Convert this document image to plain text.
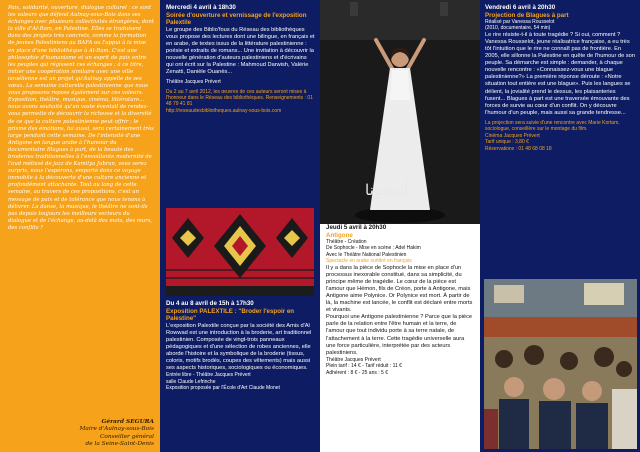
Paix, solidarité, ouverture, dialogue culturel : ce sont les valeurs que défend Aulnay-sous-Bois dans ses échanges avec plusieurs collectivités étrangères, dont la ville d'Al-Ram, en Palestine. Elles se traduisent dans des projets très concrets, comme la formation de jeunes Palestiniens au BAFA ou l'appui à la mise en place d'une bibliothèque à Al-Ram. C'est une philosophie d'humanisme et un esprit de paix entre les peuples qui régissent ces échanges ; à ce titre, initier une coopération similaire avec une ville israélienne est un projet qu'Aulnay appelle de ses vœux. La semaine culturelle palestinienne que nous vous proposons repose également sur ces valeurs. Exposition, théâtre, musique, cinéma, littérature... nous avons souhaité qu'un vaste éventail de rendez-vous permette de découvrir la richesse et la diversité de ce que la culture palestinienne peut offrir : le prisme des émotions, lui aussi, sera certainement très large pendant cette semaine. De l'intensité d'une Antigone en langue arabe à l'humour du documentaire Blagues à part, de la beauté des broderies traditionnelles à l'envoûtante modernité de l'oud métissé de jazz de Kamilya Jubran, vous serez surpris, nous l'espérons, emporté dans ce voyage immobile à la découverte d'une culture ancienne et profondément attachante. Tout au long de cette semaine, au travers de ces propositions, c'est un message de paix et de tolérance que nous tenons à délivrer. La danse, la musique, le théâtre ne sont-ils pas depuis toujours les meilleurs vecteurs du dialogue et de l'échange, au-delà des mots, des murs, des conflits ?

Gérard SEGURA
Maire d'Aulnay-sous-Bois
Conseiller général
de la Seine-Saint-Denis
Mercredi 4 avril à 18h30
Soirée d'ouverture et vernissage de l'exposition Palextile

Le groupe des Biblio'fous du Réseau des bibliothèques vous propose des lectures dont une bilingue, en français et en arabe, de textes issus de la littérature palestinienne : poésie et extraits de romans... Une invitation à découvrir la nouvelle génération d'auteurs palestiniens et d'écrivains qui ont écrit sur la Palestine : Mahmoud Darwish, Valérie Zenatti, Danièle Ouanès...

Théâtre Jacques Prévert

Du 2 au 7 avril 2012, les œuvres de ces auteurs seront mises à l'honneur dans le Réseau des bibliothèques. Renseignements : 01 48 79 41 81

http://reseaudesbibliotheques.aulnay-sous-bois.com

Du 4 au 8 avril de 15h à 17h30
Exposition PALEXTILE : "Broder l'espoir en Palestine"

L'exposition Palextile conçue par la société des Amis d'Al Rowwad est une introduction à la broderie, art traditionnel palestinien. Composée de vingt-trois panneaux pédagogiques et d'une sélection de robes anciennes, elle aborde l'histoire et la symbolique de la broderie (tissus, coloris, motifs brodés, coupes des vêtements) mais aussi ses aspects historiques, sociologiques ou économiques.

Entrée libre - Théâtre Jacques Prévert

salle Claude Lefrinche

Exposition proposée par l'École d'Art Claude Monet

أنتيجونا
Jeudi 5 avril à 20h30
Antigone

Théâtre - Création

De Sophocle - Mise en scène : Adel Hakim

Avec le Théâtre National Palestinien

Spectacle en arabe surtitré en français

Il y a dans la pièce de Sophocle la mise en place d'un processus inexorable constitué, dans sa simplicité, du principe même de tragédie. Le cœur de la pièce est l'amour que Hémon, fils de Créon, porte à Antigone, mais Antigone aime Polynice. Or Polynice est mort. À partir de là, la machine est lancée, le conflit est déclaré entre morts et vivants.

Pourquoi une Antigone palestinienne ? Parce que la pièce parle de la relation entre l'être humain et la terre, de l'amour que tout individu porte à sa terre natale, de l'attachement à la terre. Cette tragédie universelle aura une force particulière, interprétée par des acteurs palestiniens.

Théâtre Jacques Prévert

Plein tarif : 14 € - Tarif réduit : 11 €

Adhérent : 8 € - 25 ans : 5 €

Vendredi 6 avril à 20h30
Projection de Blagues à part

Réalisé par Vanessa Rousselot

(2010, documentaire, 54 min)

Le rire résiste-t-il à toute tragédie ? Si oui, comment ? Vanessa Rousselot, jeune réalisatrice française, a eu très tôt l'intuition que le rire ne connaît pas de frontière. En 2005, elle sillonne la Palestine en quête de l'humour de son peuple. Sa démarche est simple : demander, à chaque nouvelle rencontre : «Connaissez-vous une blague palestinienne?» La première réponse déroute : «Notre situation tout entière est une blague». Puis les langues se délient, la jovialité prend le dessus, les plaisanteries fusent... Blagues à part est une traversée émouvante des forces de survie au cœur d'un conflit. On y découvre l'humour d'un peuple, mais aussi sa grande tendresse...

La projection sera suivie d'une rencontre avec Marie Kortam, sociologue, conseillère sur le montage du film.

Cinéma Jacques Prévert

Tarif unique : 3,80 €

Réservations : 01 48 68 08 18
